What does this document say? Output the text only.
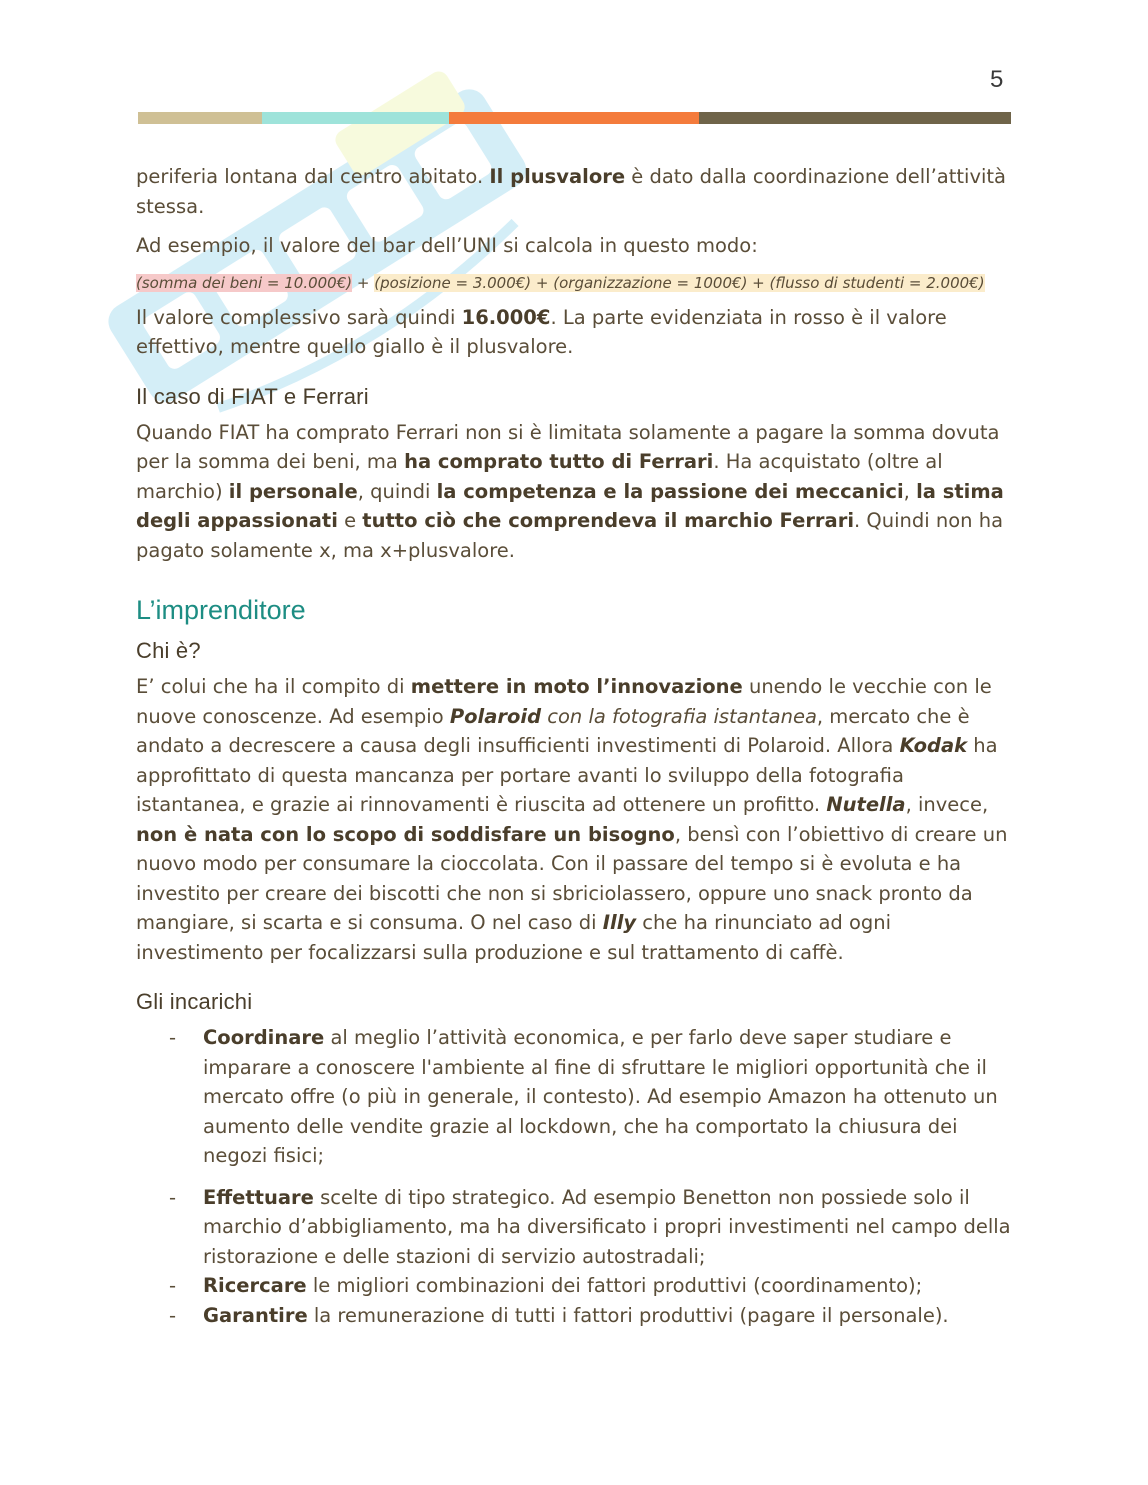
5

periferia lontana dal centro abitato. Il plusvalore è dato dalla coordinazione dell’attività stessa.

Ad esempio, il valore del bar dell’UNI si calcola in questo modo:

(somma dei beni = 10.000€) + (posizione = 3.000€) + (organizzazione = 1000€) + (flusso di studenti = 2.000€)

Il valore complessivo sarà quindi 16.000€. La parte evidenziata in rosso è il valore effettivo, mentre quello giallo è il plusvalore.

Il caso di FIAT e Ferrari

Quando FIAT ha comprato Ferrari non si è limitata solamente a pagare la somma dovuta per la somma dei beni, ma ha comprato tutto di Ferrari. Ha acquistato (oltre al marchio) il personale, quindi la competenza e la passione dei meccanici, la stima degli appassionati e tutto ciò che comprendeva il marchio Ferrari. Quindi non ha pagato solamente x, ma x+plusvalore.

L’imprenditore
Chi è?

E’ colui che ha il compito di mettere in moto l’innovazione unendo le vecchie con le nuove conoscenze. Ad esempio Polaroid con la fotografia istantanea, mercato che è andato a decrescere a causa degli insufficienti investimenti di Polaroid. Allora Kodak ha approfittato di questa mancanza per portare avanti lo sviluppo della fotografia istantanea, e grazie ai rinnovamenti è riuscita ad ottenere un profitto. Nutella, invece, non è nata con lo scopo di soddisfare un bisogno, bensì con l’obiettivo di creare un nuovo modo per consumare la cioccolata. Con il passare del tempo si è evoluta e ha investito per creare dei biscotti che non si sbriciolassero, oppure uno snack pronto da mangiare, si scarta e si consuma. O nel caso di Illy che ha rinunciato ad ogni investimento per focalizzarsi sulla produzione e sul trattamento di caffè.

Gli incarichi
- Coordinare al meglio l’attività economica, e per farlo deve saper studiare e imparare a conoscere l'ambiente al fine di sfruttare le migliori opportunità che il mercato offre (o più in generale, il contesto). Ad esempio Amazon ha ottenuto un aumento delle vendite grazie al lockdown, che ha comportato la chiusura dei negozi fisici;
- Effettuare scelte di tipo strategico. Ad esempio Benetton non possiede solo il marchio d’abbigliamento, ma ha diversificato i propri investimenti nel campo della ristorazione e delle stazioni di servizio autostradali;
- Ricercare le migliori combinazioni dei fattori produttivi (coordinamento);
- Garantire la remunerazione di tutti i fattori produttivi (pagare il personale).
